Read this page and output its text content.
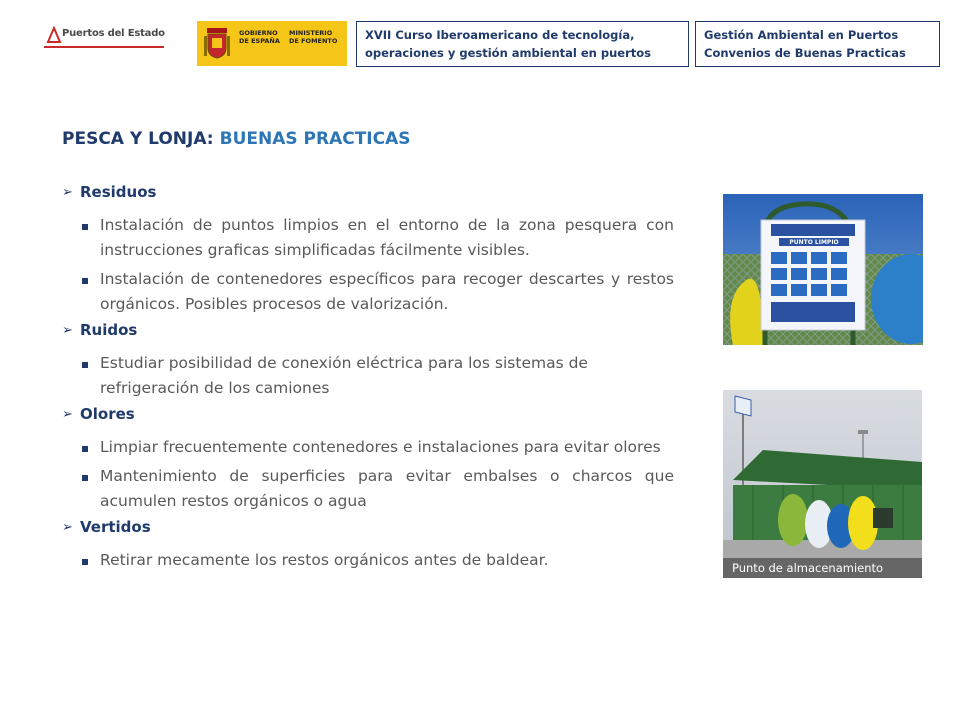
Puertos del Estado	GOBIERNO DE ESPAÑA
MINISTERIO DE FOMENTO	XVII Curso Iberoamericano de tecnología,
operaciones y gestión ambiental en puertos
Gestión Ambiental en Puertos
Convenios de Buenas Practicas
PESCA Y LONJA: BUENAS PRACTICAS
➢ Residuos
Instalación de puntos limpios en el entorno de la zona pesquera con instrucciones graficas simplificadas fácilmente visibles.
Instalación de contenedores específicos para recoger descartes y restos orgánicos. Posibles procesos de valorización.
➢ Ruidos
Estudiar posibilidad de conexión eléctrica para los sistemas de refrigeración de los camiones
➢ Olores
Limpiar frecuentemente contenedores e instalaciones para evitar olores
Mantenimiento de superficies para evitar embalses o charcos que acumulen restos orgánicos o agua
➢ Vertidos
Retirar mecamente los restos orgánicos antes de baldear.
PUNTO LIMPIO
Punto de almacenamiento
